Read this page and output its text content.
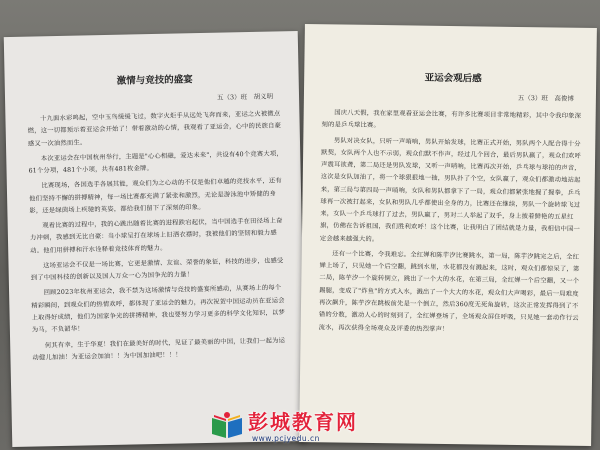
激情与竞技的盛宴
五（3）班　胡义明

十九面水彩鸣起，空中玉鸟缓缓飞过，数字火炬手从远处飞奔而来，亚运之火被微点燃，这一切都预示着亚运会开始了！带着激动的心情，我观看了亚运会，心中的民族自豪感又一次油然而生。

本次亚运会在中国杭州举行，主题是"心心相融，爱达未来"，共设有40个竞赛大项，61个分项，481个小项，共有481枚金牌。

比赛现场，各国选手各展其能，观众们为之心动的不仅是他们卓越的竞技水平，还有他们坚持不懈的拼搏精神，每一场比赛都充满了紧张和激烈，无论是游泳池中矫健的身影，还是绿茵场上疾驰的英姿，都给我们留下了深刻的印象。

观看比赛的过程中，我的心跳出随着比赛的进程跌宕起伏，当中国选手在田径场上奋力冲刺，我感到无比自豪：当小球呈打在球场上旧洒衣襟时，我被他们的坚韧和毅力感动。他们用拼搏和汗水诠释着竞技体育的魅力。

这场亚运会不仅是一场比赛，它更是激情、友谊、荣誉的象征，科技的进步，也感受到了中国科技的创新以及国人万众一心为国争光的力量！

回顾2023年杭州亚运会，我不禁为这场激情与竞技的盛宴所感动，从赛场上的每个精彩瞬间，到观众们的热情欢呼，都体现了亚运会的魅力，再次祝贺中国运动员在亚运会上取得好成绩，他们为国家争光的拼搏精神，我也要努力学习更多的科学文化知识，以梦为马，不负韶华！

何其有幸，生于华夏！我们在最美好的时代，见证了最美丽的中国，让我们一起为运动健儿加油！为亚运会加油！！为中国加油吧！！！

亚运会观后感
五（3）班　高俊博

国庆八天假，我在家里观看亚运会比赛，有许多比赛项目非常地精彩，其中令我印象深刻的是乒乓球比赛。

男队对决女队，只听一声哨响，男队开始发球，比赛正式开始，男队两个人配合得十分默契，女队两个人也不示弱，观众们默不作声，经过几个回合，最后男队赢了，观众们欢呼声震耳欲聋，第二局还是男队发球，又听一声哨响，比赛再次开始，乒乓球与球拍的声音，这次是女队加油了，将一个球狠狠地一抽，男队扑了个空，女队赢了，观众们都激动地站起来，第三局与第四局一声哨响，女队和男队都拿下了一局，观众们都紧张地握了握拳，乒乓球再一次被打起来，女队和男队几乎都使出全身的力，比赛还在继续，男队一个旋转球飞过来，女队一个乒乓球打了过去，男队赢了，男对二人举起了双手，身上披着鲜艳的五星红旗，仿佛在告诉祖国，我们胜利欢呼！这个比赛，让我明白了团结就是力量，我相信中国一定会越来越强大的。

还有一个比赛，令我难忘。全红婵和陈芋汐比赛跳水，第一局，陈芋汐跳完之后，全红婵上场了，只见她一个后空翻，跳到水里，水花都没有溅起来，这时，观众们都惊呆了，第二局，陈芋汐一个旋转倒立，跳出了一个大的水花，在第三局，全红婵一个后空翻，又一个踢腿，变成了"炸鱼"的方式入水，溅出了一个大大的水花，观众们大声喝彩，最后一局难度再次飙升，陈芋汐在跳板前先是一个倒立，然后360度无死角旋转，这次正常发挥得到了不错的分数，激动人心的时刻到了，全红婵登场了，全场观众屏住呼吸，只见她一套动作行云流水，再次获得全场观众及评委的热烈掌声！

彭城教育网
www.pcjyedu.cn
